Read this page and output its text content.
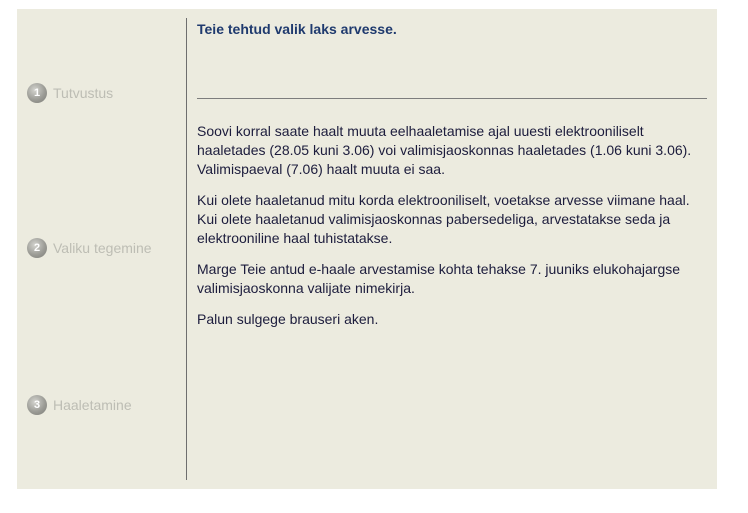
1 Tutvustus
2 Valiku tegemine
3 Haaletamine
Teie tehtud valik laks arvesse.

Soovi korral saate haalt muuta eelhaaletamise ajal uuesti elektrooniliselt haaletades (28.05 kuni 3.06) voi valimisjaoskonnas haaletades (1.06 kuni 3.06). Valimispaeval (7.06) haalt muuta ei saa.

Kui olete haaletanud mitu korda elektrooniliselt, voetakse arvesse viimane haal. Kui olete haaletanud valimisjaoskonnas pabersedeliga, arvestatakse seda ja elektrooniline haal tuhistatakse.

Marge Teie antud e-haale arvestamise kohta tehakse 7. juuniks elukohajargse valimisjaoskonna valijate nimekirja.

Palun sulgege brauseri aken.
